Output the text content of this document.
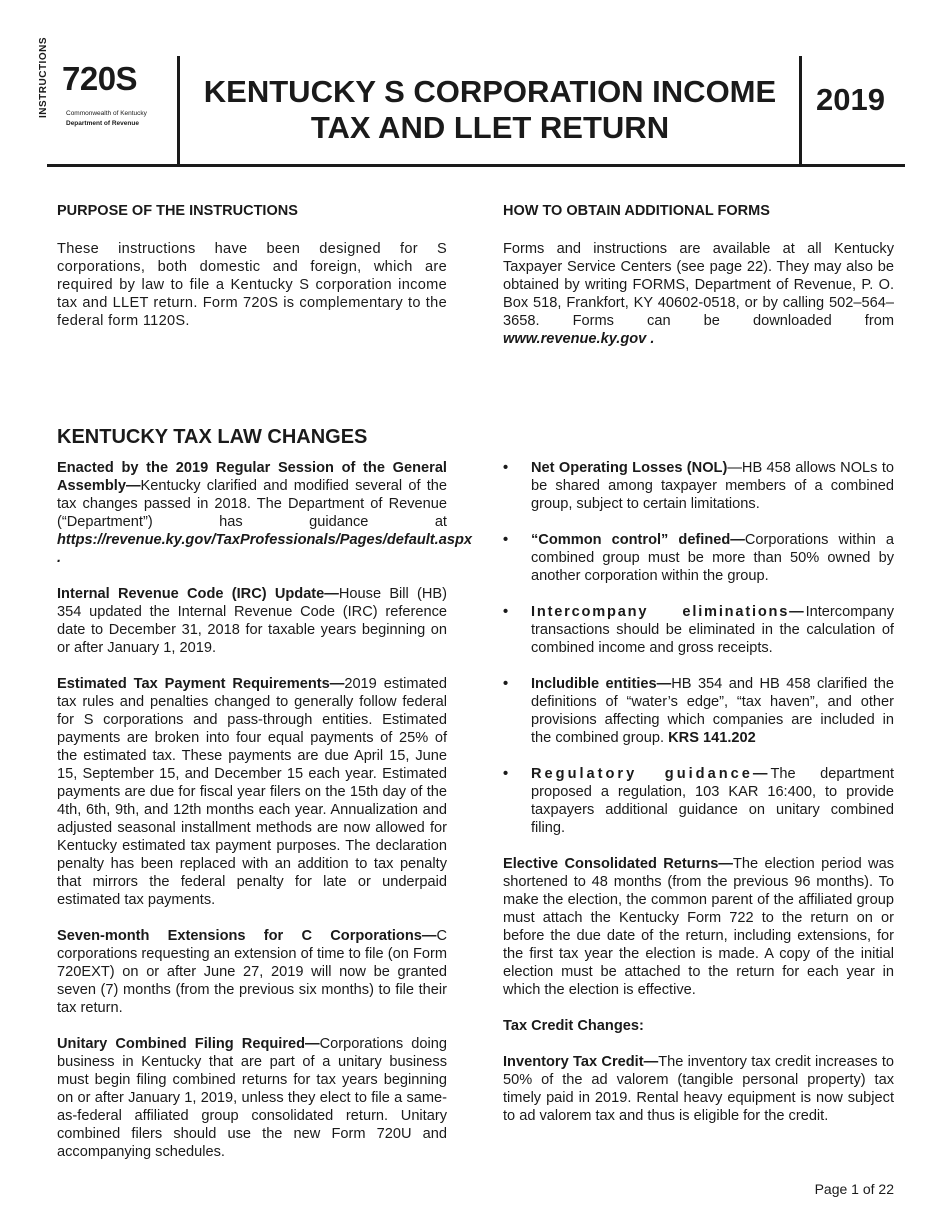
INSTRUCTIONS 720S
Commonwealth of Kentucky
Department of Revenue
KENTUCKY S CORPORATION INCOME
TAX AND LLET RETURN
2019
PURPOSE OF THE INSTRUCTIONS

These instructions have been designed for S corporations, both domestic and foreign, which are required by law to file a Kentucky S corporation income tax and LLET return. Form 720S is complementary to the federal form 1120S.

HOW TO OBTAIN ADDITIONAL FORMS

Forms and instructions are available at all Kentucky Taxpayer Service Centers (see page 22). They may also be obtained by writing FORMS, Department of Revenue, P. O. Box 518, Frankfort, KY 40602-0518, or by calling 502–564–3658. Forms can be downloaded from www.revenue.ky.gov .

KENTUCKY TAX LAW CHANGES

Enacted by the 2019 Regular Session of the General Assembly—Kentucky clarified and modified several of the tax changes passed in 2018. The Department of Revenue (“Department”) has guidance at https://revenue.ky.gov/TaxProfessionals/Pages/default.aspx .

Internal Revenue Code (IRC) Update—House Bill (HB) 354 updated the Internal Revenue Code (IRC) reference date to December 31, 2018 for taxable years beginning on or after January 1, 2019.

Estimated Tax Payment Requirements—2019 estimated tax rules and penalties changed to generally follow federal for S corporations and pass-through entities. Estimated payments are broken into four equal payments of 25% of the estimated tax. These payments are due April 15, June 15, September 15, and December 15 each year. Estimated payments are due for fiscal year filers on the 15th day of the 4th, 6th, 9th, and 12th months each year. Annualization and adjusted seasonal installment methods are now allowed for Kentucky estimated tax payment purposes. The declaration penalty has been replaced with an addition to tax penalty that mirrors the federal penalty for late or underpaid estimated tax payments.

Seven-month Extensions for C Corporations—C corporations requesting an extension of time to file (on Form 720EXT) on or after June 27, 2019 will now be granted seven (7) months (from the previous six months) to file their tax return.

Unitary Combined Filing Required—Corporations doing business in Kentucky that are part of a unitary business must begin filing combined returns for tax years beginning on or after January 1, 2019, unless they elect to file a same-as-federal affiliated group consolidated return. Unitary combined filers should use the new Form 720U and accompanying schedules.

• Net Operating Losses (NOL)—HB 458 allows NOLs to be shared among taxpayer members of a combined group, subject to certain limitations.
• “Common control” defined—Corporations within a combined group must be more than 50% owned by another corporation within the group.
• Intercompany eliminations—Intercompany transactions should be eliminated in the calculation of combined income and gross receipts.
• Includible entities—HB 354 and HB 458 clarified the definitions of “water’s edge”, “tax haven”, and other provisions affecting which companies are included in the combined group. KRS 141.202
• Regulatory guidance—The department proposed a regulation, 103 KAR 16:400, to provide taxpayers additional guidance on unitary combined filing.

Elective Consolidated Returns—The election period was shortened to 48 months (from the previous 96 months). To make the election, the common parent of the affiliated group must attach the Kentucky Form 722 to the return on or before the due date of the return, including extensions, for the first tax year the election is made. A copy of the initial election must be attached to the return for each year in which the election is effective.

Tax Credit Changes:

Inventory Tax Credit—The inventory tax credit increases to 50% of the ad valorem (tangible personal property) tax timely paid in 2019. Rental heavy equipment is now subject to ad valorem tax and thus is eligible for the credit.

Page 1 of 22
